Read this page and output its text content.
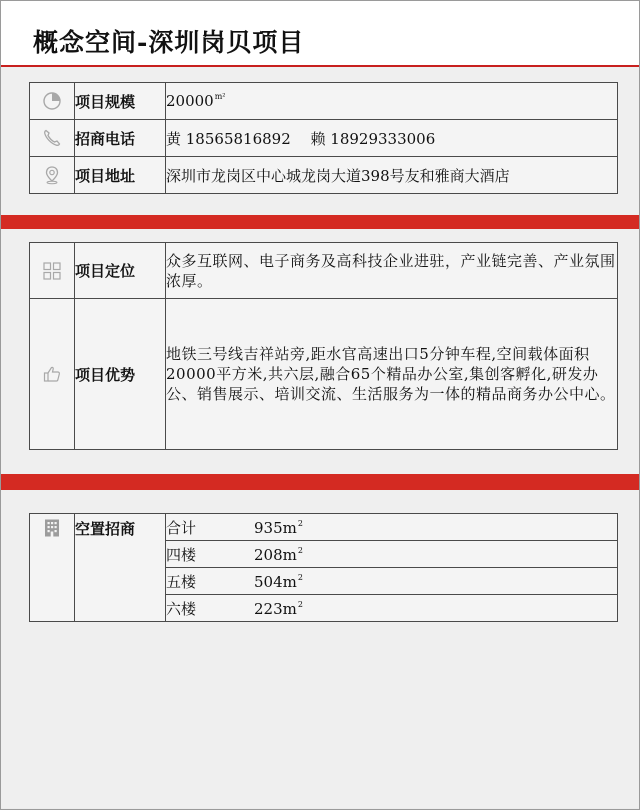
概念空间-深圳岗贝项目
	项目规模	$20000^{m^2}$

	招商电话	黄 18565816892　 赖 18929333006

	项目地址	深圳市龙岗区中心城龙岗大道398号友和雅商大酒店
	项目定位	众多互联网、电子商务及高科技企业进驻，产业链完善、产业氛围浓厚。

	项目优势	地铁三号线吉祥站旁,距水官高速出口5分钟车程,空间载体面积20000平方米,共六层,融合65个精品办公室,集创客孵化,研发办公、销售展示、培训交流、生活服务为一体的精品商务办公中心。
	空置招商	合计	$935m^2$
四楼	$208m^2$
五楼	$504m^2$
六楼	$223m^2$
